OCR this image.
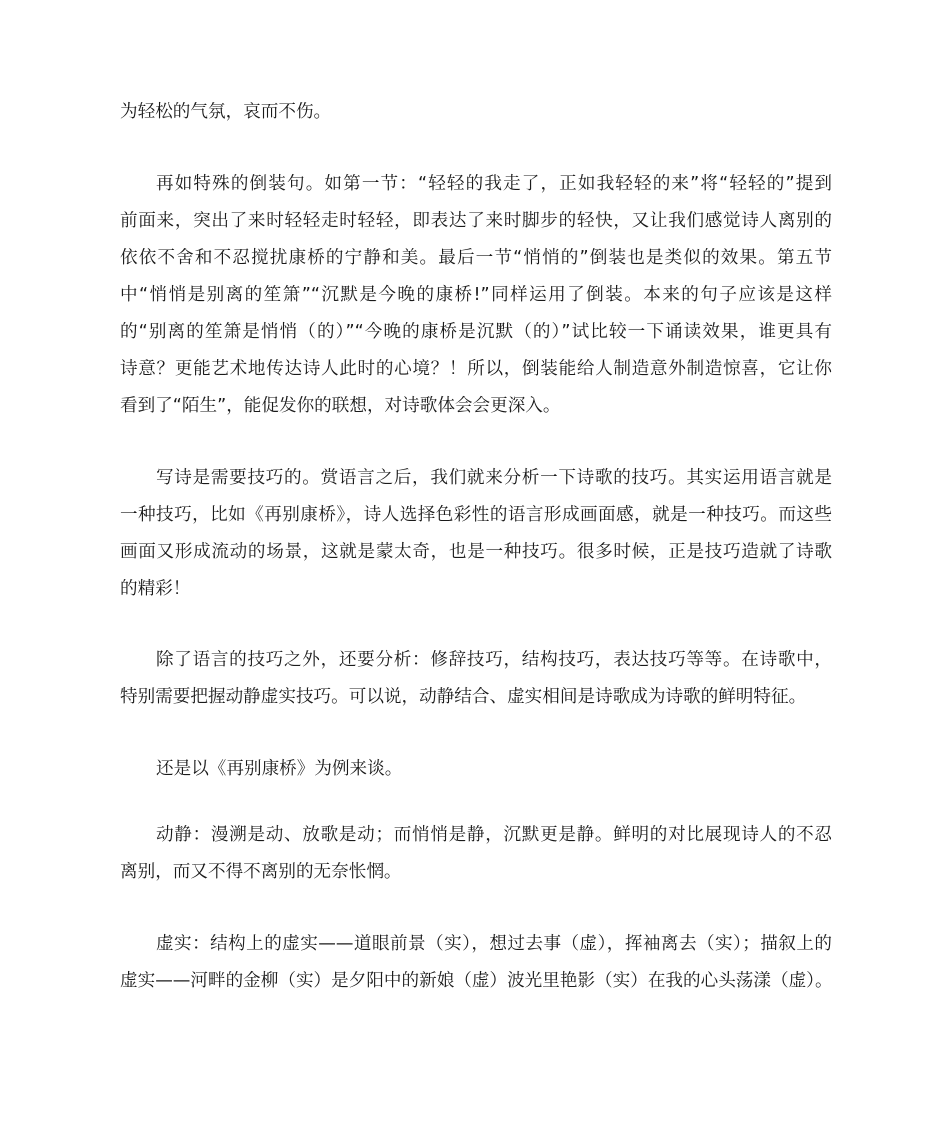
为轻松的气氛，哀而不伤。
再如特殊的倒装句。如第一节：“轻轻的我走了，正如我轻轻的来”将“轻轻的”提到
前面来，突出了来时轻轻走时轻轻，即表达了来时脚步的轻快，又让我们感觉诗人离别的
依依不舍和不忍搅扰康桥的宁静和美。最后一节“悄悄的”倒装也是类似的效果。第五节
中“悄悄是别离的笙箫”“沉默是今晚的康桥!”同样运用了倒装。本来的句子应该是这样
的“别离的笙箫是悄悄（的）”“今晚的康桥是沉默（的）”试比较一下诵读效果，谁更具有
诗意？更能艺术地传达诗人此时的心境？！所以，倒装能给人制造意外制造惊喜，它让你
看到了“陌生”，能促发你的联想，对诗歌体会会更深入。
写诗是需要技巧的。赏语言之后，我们就来分析一下诗歌的技巧。其实运用语言就是
一种技巧，比如《再别康桥》，诗人选择色彩性的语言形成画面感，就是一种技巧。而这些
画面又形成流动的场景，这就是蒙太奇，也是一种技巧。很多时候，正是技巧造就了诗歌
的精彩！
除了语言的技巧之外，还要分析：修辞技巧，结构技巧，表达技巧等等。在诗歌中，
特别需要把握动静虚实技巧。可以说，动静结合、虚实相间是诗歌成为诗歌的鲜明特征。
还是以《再别康桥》为例来谈。
动静：漫溯是动、放歌是动；而悄悄是静，沉默更是静。鲜明的对比展现诗人的不忍
离别，而又不得不离别的无奈怅惘。
虚实：结构上的虚实——道眼前景（实），想过去事（虚），挥袖离去（实）；描叙上的
虚实——河畔的金柳（实）是夕阳中的新娘（虚）波光里艳影（实）在我的心头荡漾（虚）。
